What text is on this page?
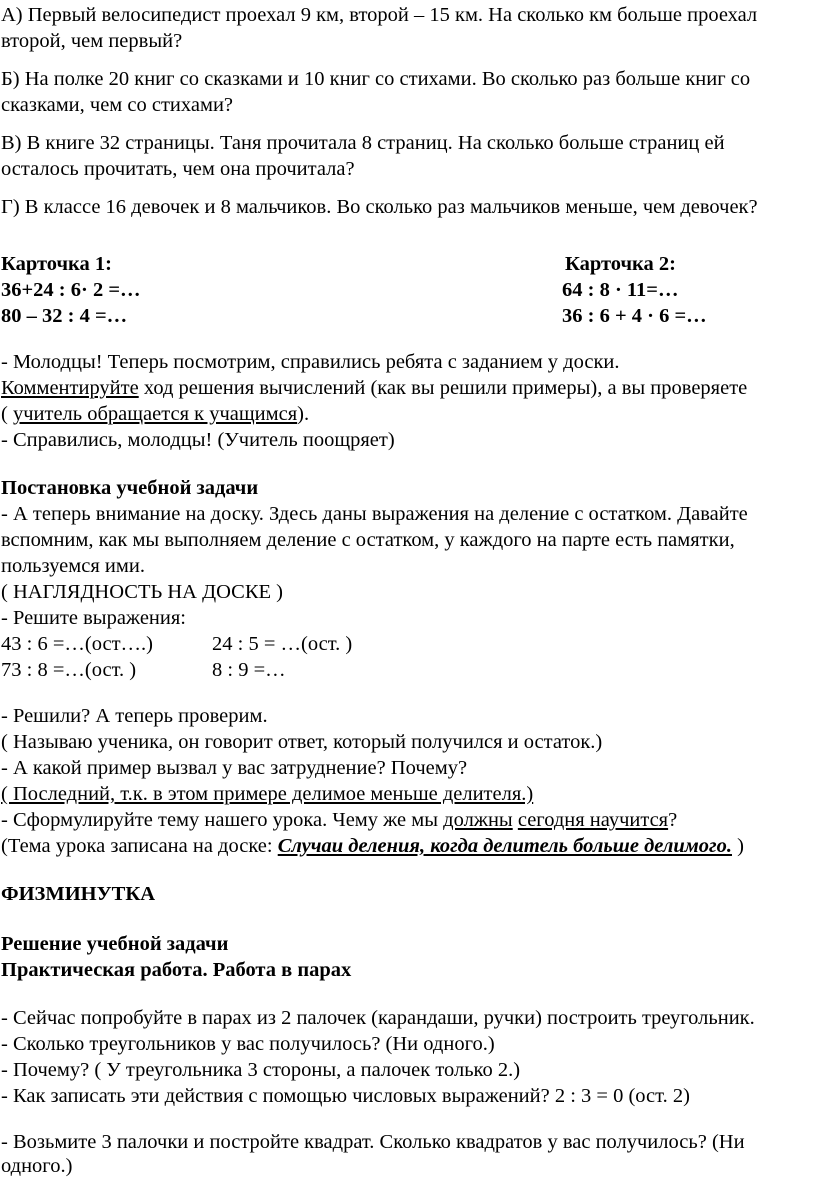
А) Первый велосипедист проехал 9 км, второй – 15 км. На сколько км больше проехал
второй, чем первый?
Б) На полке 20 книг со сказками и 10 книг со стихами. Во сколько раз больше книг со
сказками, чем со стихами?
В) В книге 32 страницы. Таня прочитала 8 страниц. На сколько больше страниц ей
осталось прочитать, чем она прочитала?
Г) В классе 16 девочек и 8 мальчиков. Во сколько раз мальчиков меньше, чем девочек?
Карточка 1:
36+24 : 6· 2 =…
80 – 32 : 4 =…
Карточка 2:
64 : 8 · 11=…
36 : 6 + 4 · 6 =…
- Молодцы! Теперь посмотрим, справились ребята с заданием у доски.
Комментируйте ход решения вычислений (как вы решили примеры), а вы проверяете
( учитель обращается к учащимся).
- Справились, молодцы! (Учитель поощряет)
Постановка учебной задачи
- А теперь внимание на доску. Здесь даны выражения на деление с остатком. Давайте
вспомним, как мы выполняем деление с остатком, у каждого на парте есть памятки,
пользуемся ими.
( НАГЛЯДНОСТЬ НА ДОСКЕ )
- Решите выражения:
43 : 6 =…(ост….)	24 : 5 = …(ост. )
73 : 8 =…(ост. )	8 : 9 =…
- Решили? А теперь проверим.
( Называю ученика, он говорит ответ, который получился и остаток.)
- А какой пример вызвал у вас затруднение? Почему?
( Последний, т.к. в этом примере делимое меньше делителя.)
- Сформулируйте тему нашего урока. Чему же мы должны сегодня научится?
(Тема урока записана на доске: Случаи деления, когда делитель больше делимого. )
ФИЗМИНУТКА
Решение учебной задачи
Практическая работа. Работа в парах
- Сейчас попробуйте в парах из 2 палочек (карандаши, ручки) построить треугольник.
- Сколько треугольников у вас получилось? (Ни одного.)
- Почему? ( У треугольника 3 стороны, а палочек только 2.)
- Как записать эти действия с помощью числовых выражений? 2 : 3 = 0 (ост. 2)
- Возьмите 3 палочки и постройте квадрат. Сколько квадратов у вас получилось? (Ни
одного.)
